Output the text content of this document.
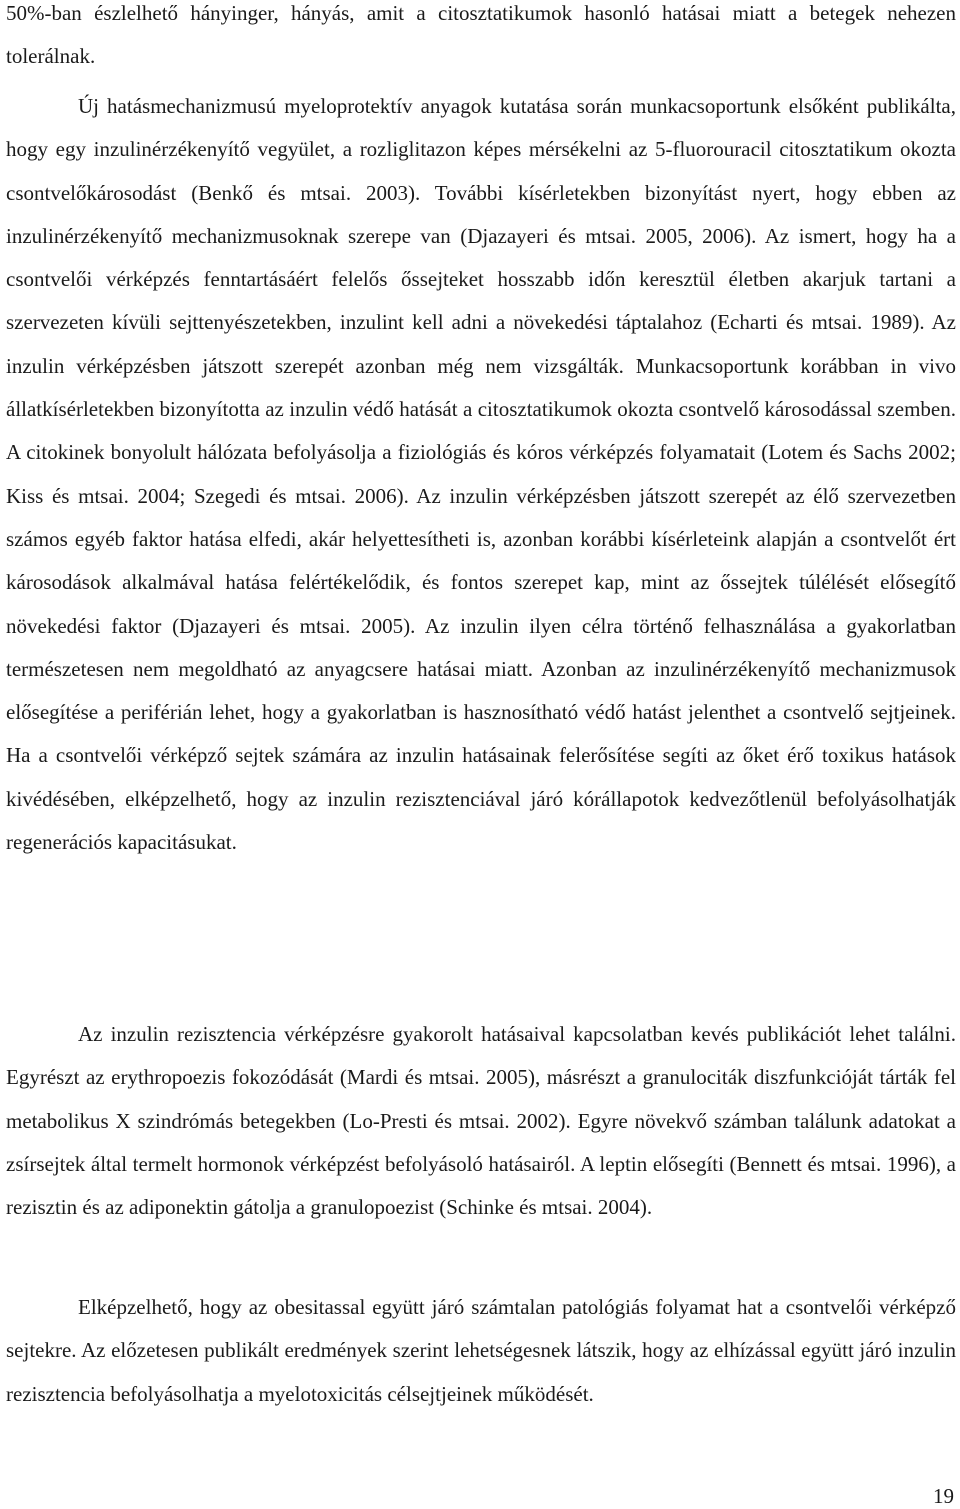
50%-ban észlelhető hányinger, hányás, amit a citosztatikumok hasonló hatásai miatt a betegek nehezen tolerálnak.

Új hatásmechanizmusú myeloprotektív anyagok kutatása során munkacsoportunk elsőként publikálta, hogy egy inzulinérzékenyítő vegyület, a rozliglitazon képes mérsékelni az 5-fluorouracil citosztatikum okozta csontvelőkárosodást (Benkő és mtsai. 2003). További kísérletekben bizonyítást nyert, hogy ebben az inzulinérzékenyítő mechanizmusoknak szerepe van (Djazayeri és mtsai. 2005, 2006). Az ismert, hogy ha a csontvelői vérképzés fenntartásáért felelős őssejteket hosszabb időn keresztül életben akarjuk tartani a szervezeten kívüli sejttenyészetekben, inzulint kell adni a növekedési táptalahoz (Echarti és mtsai. 1989). Az inzulin vérképzésben játszott szerepét azonban még nem vizsgálták. Munkacsoportunk korábban in vivo állatkísérletekben bizonyította az inzulin védő hatását a citosztatikumok okozta csontvelő károsodással szemben. A citokinek bonyolult hálózata befolyásolja a fiziológiás és kóros vérképzés folyamatait (Lotem és Sachs 2002; Kiss és mtsai. 2004; Szegedi és mtsai. 2006). Az inzulin vérképzésben játszott szerepét az élő szervezetben számos egyéb faktor hatása elfedi, akár helyettesítheti is, azonban korábbi kísérleteink alapján a csontvelőt ért károsodások alkalmával hatása felértékelődik, és fontos szerepet kap, mint az őssejtek túlélését elősegítő növekedési faktor (Djazayeri és mtsai. 2005). Az inzulin ilyen célra történő felhasználása a gyakorlatban természetesen nem megoldható az anyagcsere hatásai miatt. Azonban az inzulinérzékenyítő mechanizmusok elősegítése a periférián lehet, hogy a gyakorlatban is hasznosítható védő hatást jelenthet a csontvelő sejtjeinek. Ha a csontvelői vérképző sejtek számára az inzulin hatásainak felerősítése segíti az őket érő toxikus hatások kivédésében, elképzelhető, hogy az inzulin rezisztenciával járó kórállapotok kedvezőtlenül befolyásolhatják regenerációs kapacitásukat.

Az inzulin rezisztencia vérképzésre gyakorolt hatásaival kapcsolatban kevés publikációt lehet találni. Egyrészt az erythropoezis fokozódását (Mardi és mtsai. 2005), másrészt a granulociták diszfunkcióját tárták fel metabolikus X szindrómás betegekben (Lo-Presti és mtsai. 2002). Egyre növekvő számban találunk adatokat a zsírsejtek által termelt hormonok vérképzést befolyásoló hatásairól. A leptin elősegíti (Bennett és mtsai. 1996), a rezisztin és az adiponektin gátolja a granulopoezist (Schinke és mtsai. 2004).

Elképzelhető, hogy az obesitassal együtt járó számtalan patológiás folyamat hat a csontvelői vérképző sejtekre. Az előzetesen publikált eredmények szerint lehetségesnek látszik, hogy az elhízással együtt járó inzulin rezisztencia befolyásolhatja a myelotoxicitás célsejtjeinek működését.

19
